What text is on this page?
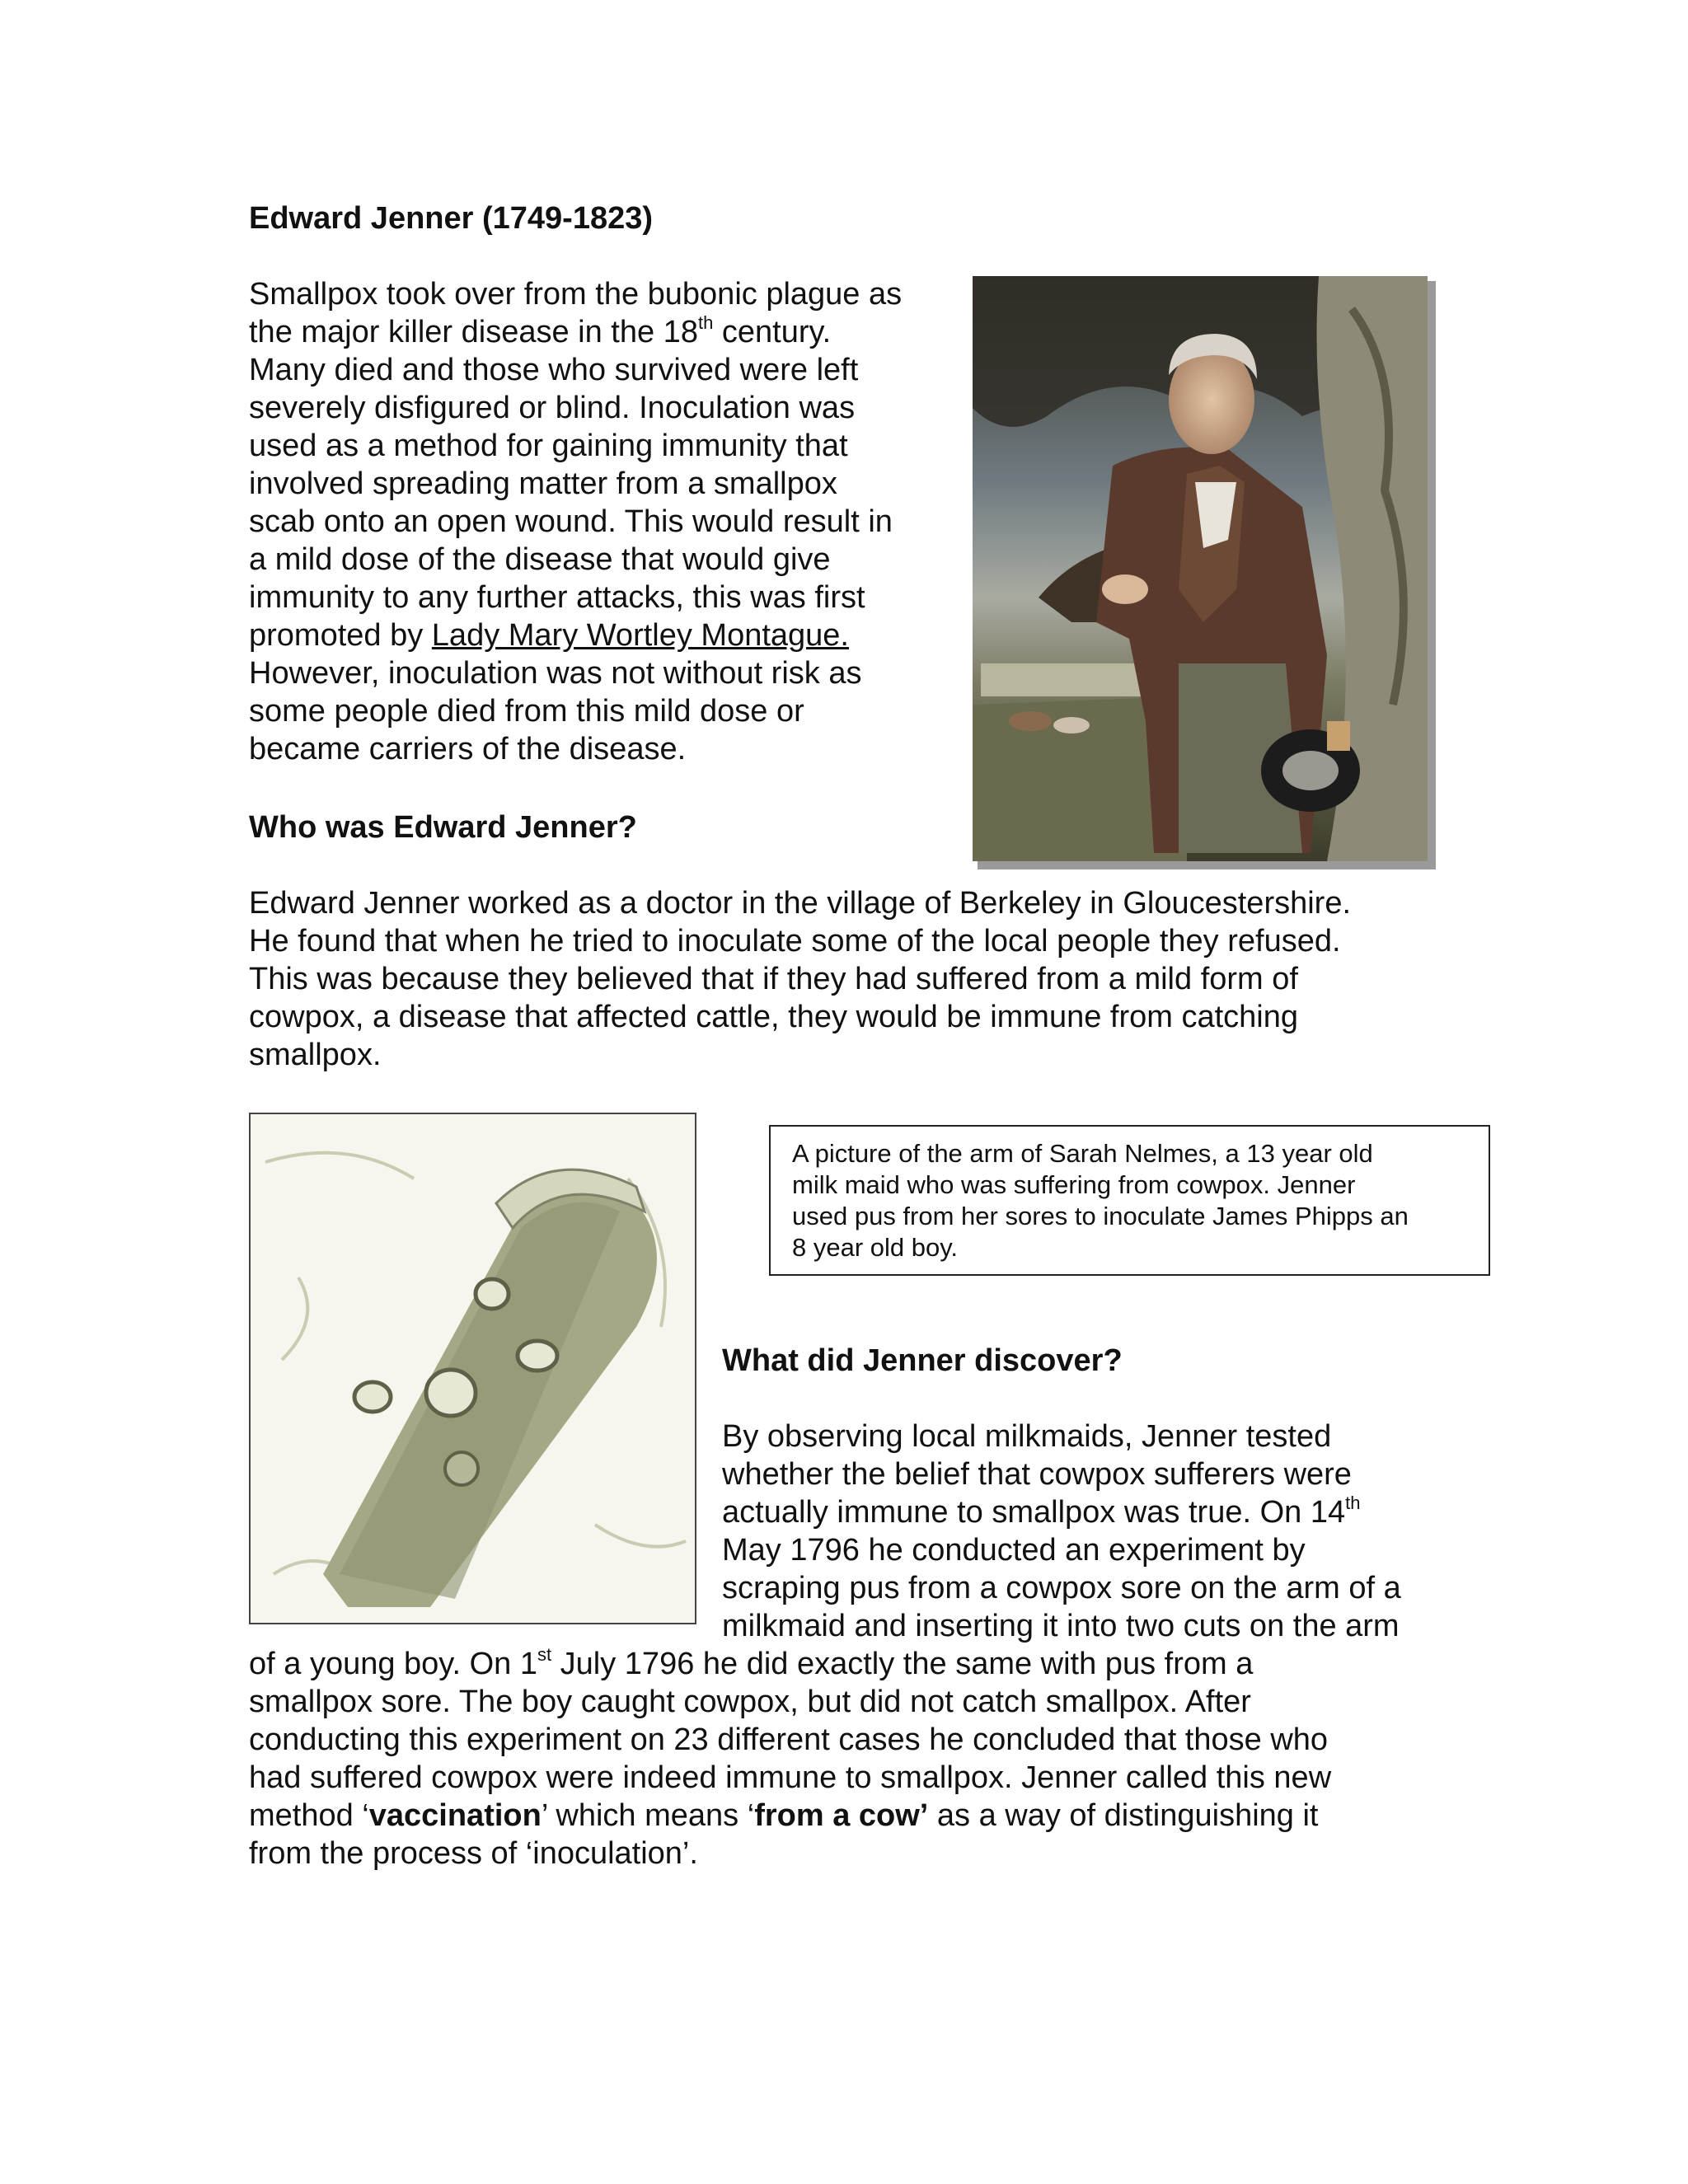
Edward Jenner (1749-1823)
Smallpox took over from the bubonic plague as
the major killer disease in the 18th century.
Many died and those who survived were left
severely disfigured or blind. Inoculation was
used as a method for gaining immunity that
involved spreading matter from a smallpox
scab onto an open wound. This would result in
a mild dose of the disease that would give
immunity to any further attacks, this was first
promoted by Lady Mary Wortley Montague.
However, inoculation was not without risk as
some people died from this mild dose or
became carriers of the disease.
Who was Edward Jenner?
Edward Jenner worked as a doctor in the village of Berkeley in Gloucestershire.
He found that when he tried to inoculate some of the local people they refused.
This was because they believed that if they had suffered from a mild form of
cowpox, a disease that affected cattle, they would be immune from catching
smallpox.
A picture of the arm of Sarah Nelmes, a 13 year old
milk maid who was suffering from cowpox. Jenner
used pus from her sores to inoculate James Phipps an
8 year old boy.
What did Jenner discover?
By observing local milkmaids, Jenner tested
whether the belief that cowpox sufferers were
actually immune to smallpox was true. On 14th
May 1796 he conducted an experiment by
scraping pus from a cowpox sore on the arm of a
milkmaid and inserting it into two cuts on the arm
of a young boy. On 1st July 1796 he did exactly the same with pus from a
smallpox sore. The boy caught cowpox, but did not catch smallpox. After
conducting this experiment on 23 different cases he concluded that those who
had suffered cowpox were indeed immune to smallpox. Jenner called this new
method ‘vaccination’ which means ‘from a cow’ as a way of distinguishing it
from the process of ‘inoculation’.
